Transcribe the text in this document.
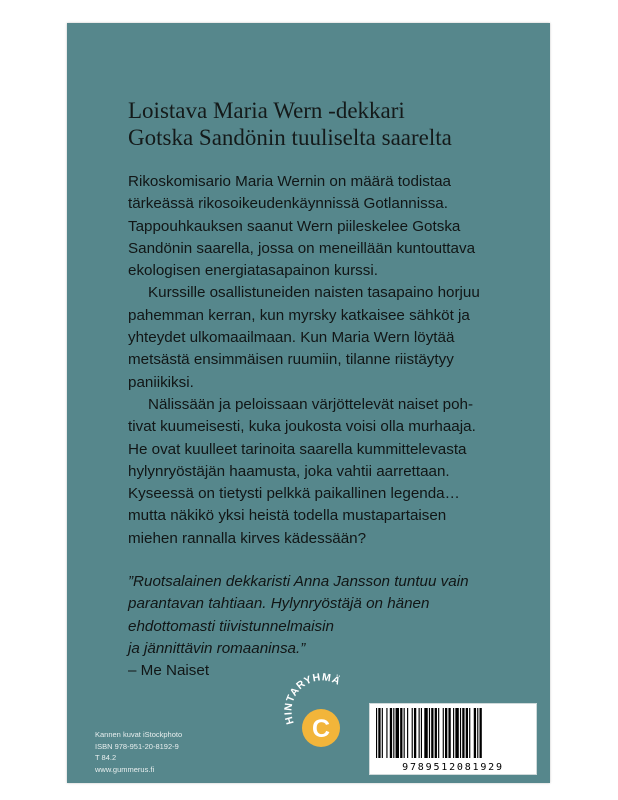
Loistava Maria Wern -dekkari
Gotska Sandönin tuuliselta saarelta
Rikoskomisario Maria Wernin on määrä todistaa
tärkeässä rikosoikeudenkäynnissä Gotlannissa.
Tappouhkauksen saanut Wern piileskelee Gotska
Sandönin saarella, jossa on meneillään kuntouttava
ekologisen energiatasapainon kurssi.
Kurssille osallistuneiden naisten tasapaino horjuu
pahemman kerran, kun myrsky katkaisee sähköt ja
yhteydet ulkomaailmaan. Kun Maria Wern löytää
metsästä ensimmäisen ruumiin, tilanne riistäytyy
paniikiksi.
Nälissään ja peloissaan värjöttelevät naiset poh-
tivat kuumeisesti, kuka joukosta voisi olla murhaaja.
He ovat kuulleet tarinoita saarella kummittelevasta
hylynryöstäjän haamusta, joka vahtii aarrettaan.
Kyseessä on tietysti pelkkä paikallinen legenda…
mutta näkikö yksi heistä todella mustapartaisen
miehen rannalla kirves kädessään?
”Ruotsalainen dekkaristi Anna Jansson tuntuu vain
parantavan tahtiaan. Hylynryöstäjä on hänen
ehdottomasti tiivistunnelmaisin
ja jännittävin romaaninsa.”
– Me Naiset
Kannen kuvat iStockphoto
ISBN 978-951-20-8192-9
T 84.2
www.gummerus.fi
HINTARYHMÄ
C
9789512081929
